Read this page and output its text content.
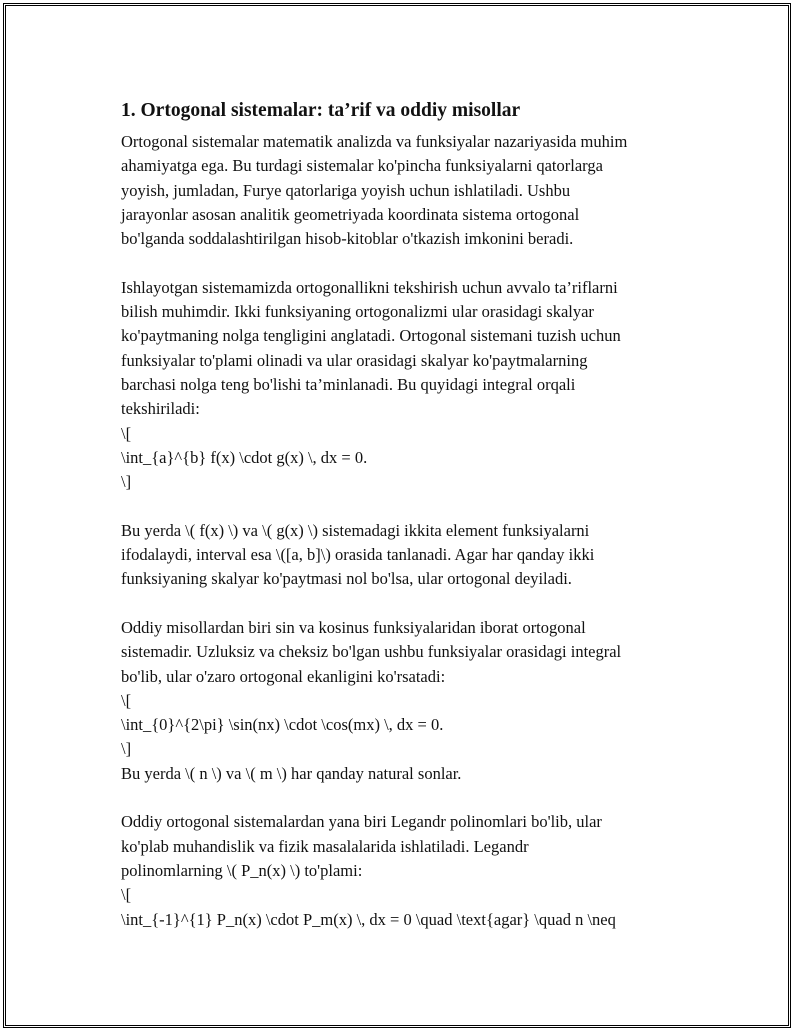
1. Ortogonal sistemalar: ta’rif va oddiy misollar
Ortogonal sistemalar matematik analizda va funksiyalar nazariyasida muhim
ahamiyatga ega. Bu turdagi sistemalar ko'pincha funksiyalarni qatorlarga
yoyish, jumladan, Furye qatorlariga yoyish uchun ishlatiladi. Ushbu
jarayonlar asosan analitik geometriyada koordinata sistema ortogonal
bo'lganda soddalashtirilgan hisob-kitoblar o'tkazish imkonini beradi.
Ishlayotgan sistemamizda ortogonallikni tekshirish uchun avvalo ta’riflarni
bilish muhimdir. Ikki funksiyaning ortogonalizmi ular orasidagi skalyar
ko'paytmaning nolga tengligini anglatadi. Ortogonal sistemani tuzish uchun
funksiyalar to'plami olinadi va ular orasidagi skalyar ko'paytmalarning
barchasi nolga teng bo'lishi ta’minlanadi. Bu quyidagi integral orqali
tekshiriladi:
\[
\int_{a}^{b} f(x) \cdot g(x) \, dx = 0.
\]
Bu yerda \( f(x) \) va \( g(x) \) sistemadagi ikkita element funksiyalarni
ifodalaydi, interval esa \([a, b]\) orasida tanlanadi. Agar har qanday ikki
funksiyaning skalyar ko'paytmasi nol bo'lsa, ular ortogonal deyiladi.
Oddiy misollardan biri sin va kosinus funksiyalaridan iborat ortogonal
sistemadir. Uzluksiz va cheksiz bo'lgan ushbu funksiyalar orasidagi integral
bo'lib, ular o'zaro ortogonal ekanligini ko'rsatadi:
\[
\int_{0}^{2\pi} \sin(nx) \cdot \cos(mx) \, dx = 0.
\]
Bu yerda \( n \) va \( m \) har qanday natural sonlar.
Oddiy ortogonal sistemalardan yana biri Legandr polinomlari bo'lib, ular
ko'plab muhandislik va fizik masalalarida ishlatiladi. Legandr
polinomlarning \( P_n(x) \) to'plami:
\[
\int_{-1}^{1} P_n(x) \cdot P_m(x) \, dx = 0 \quad \text{agar} \quad n \neq
